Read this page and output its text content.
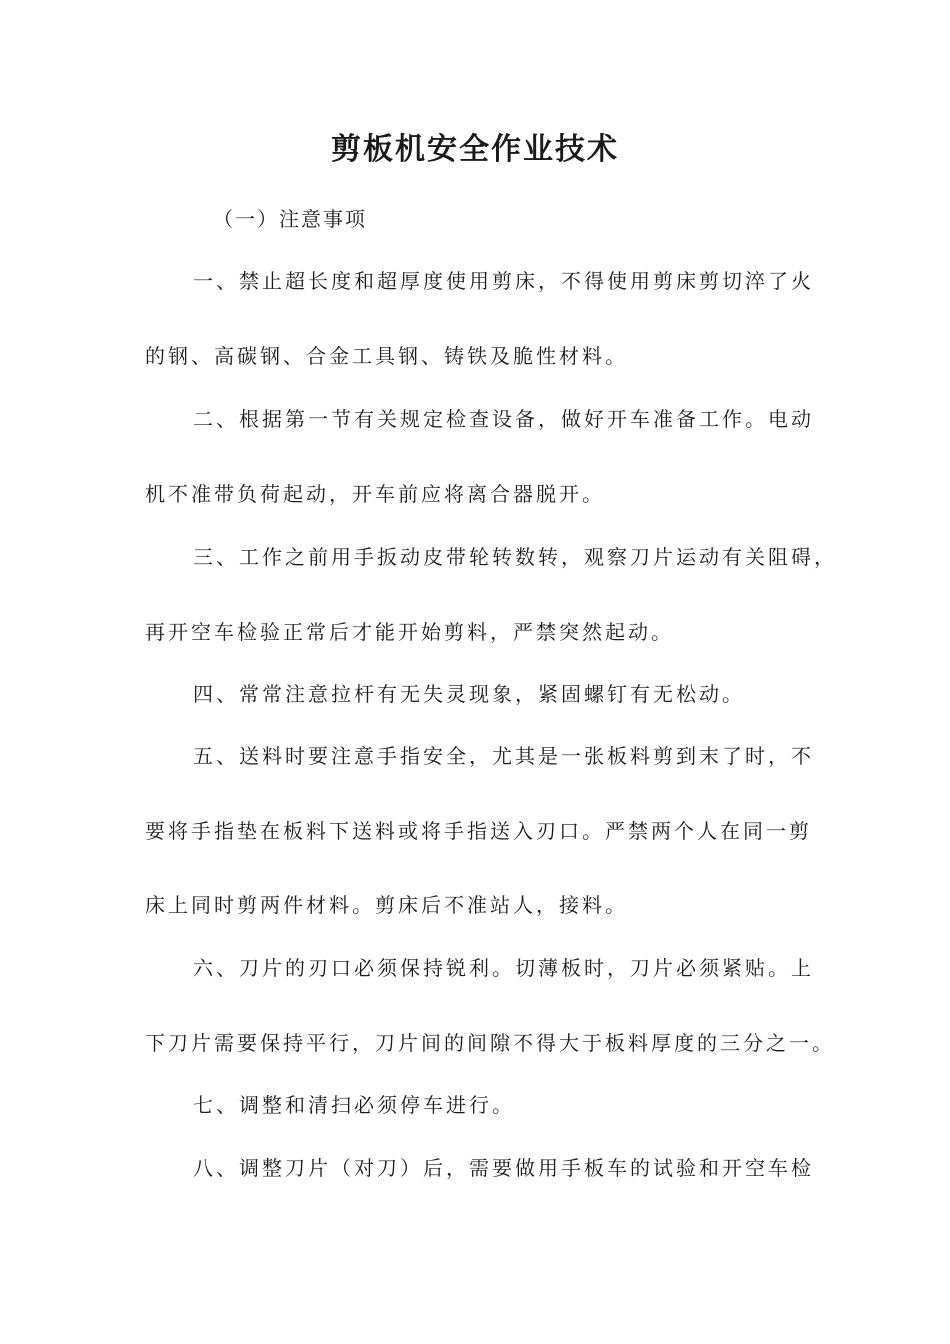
剪板机安全作业技术

（一）注意事项

一、禁止超长度和超厚度使用剪床，不得使用剪床剪切淬了火

的钢、高碳钢、合金工具钢、铸铁及脆性材料。

二、根据第一节有关规定检查设备，做好开车准备工作。电动

机不准带负荷起动，开车前应将离合器脱开。

三、工作之前用手扳动皮带轮转数转，观察刀片运动有关阻碍，

再开空车检验正常后才能开始剪料，严禁突然起动。

四、常常注意拉杆有无失灵现象，紧固螺钉有无松动。

五、送料时要注意手指安全，尤其是一张板料剪到末了时，不

要将手指垫在板料下送料或将手指送入刃口。严禁两个人在同一剪

床上同时剪两件材料。剪床后不准站人，接料。

六、刀片的刃口必须保持锐利。切薄板时，刀片必须紧贴。上

下刀片需要保持平行，刀片间的间隙不得大于板料厚度的三分之一。

七、调整和清扫必须停车进行。

八、调整刀片（对刀）后，需要做用手板车的试验和开空车检
